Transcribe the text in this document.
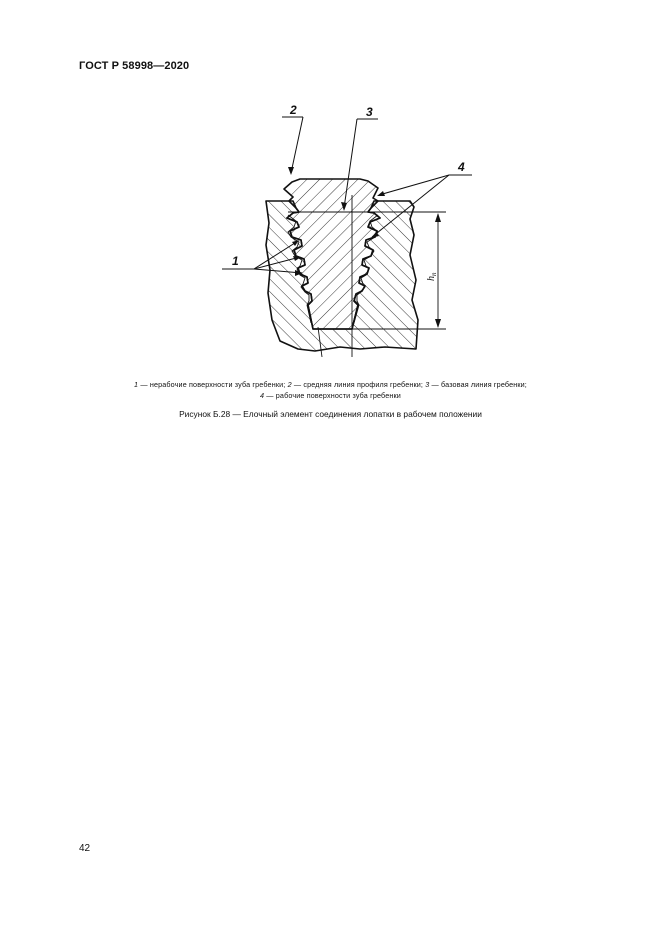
ГОСТ Р 58998—2020
$h_п$
2	3
4
1
1 — нерабочие поверхности зуба гребенки; 2 — средняя линия профиля гребенки; 3 — базовая линия гребенки;
4 — рабочие поверхности зуба гребенки
Рисунок Б.28 — Елочный элемент соединения лопатки в рабочем положении
42
